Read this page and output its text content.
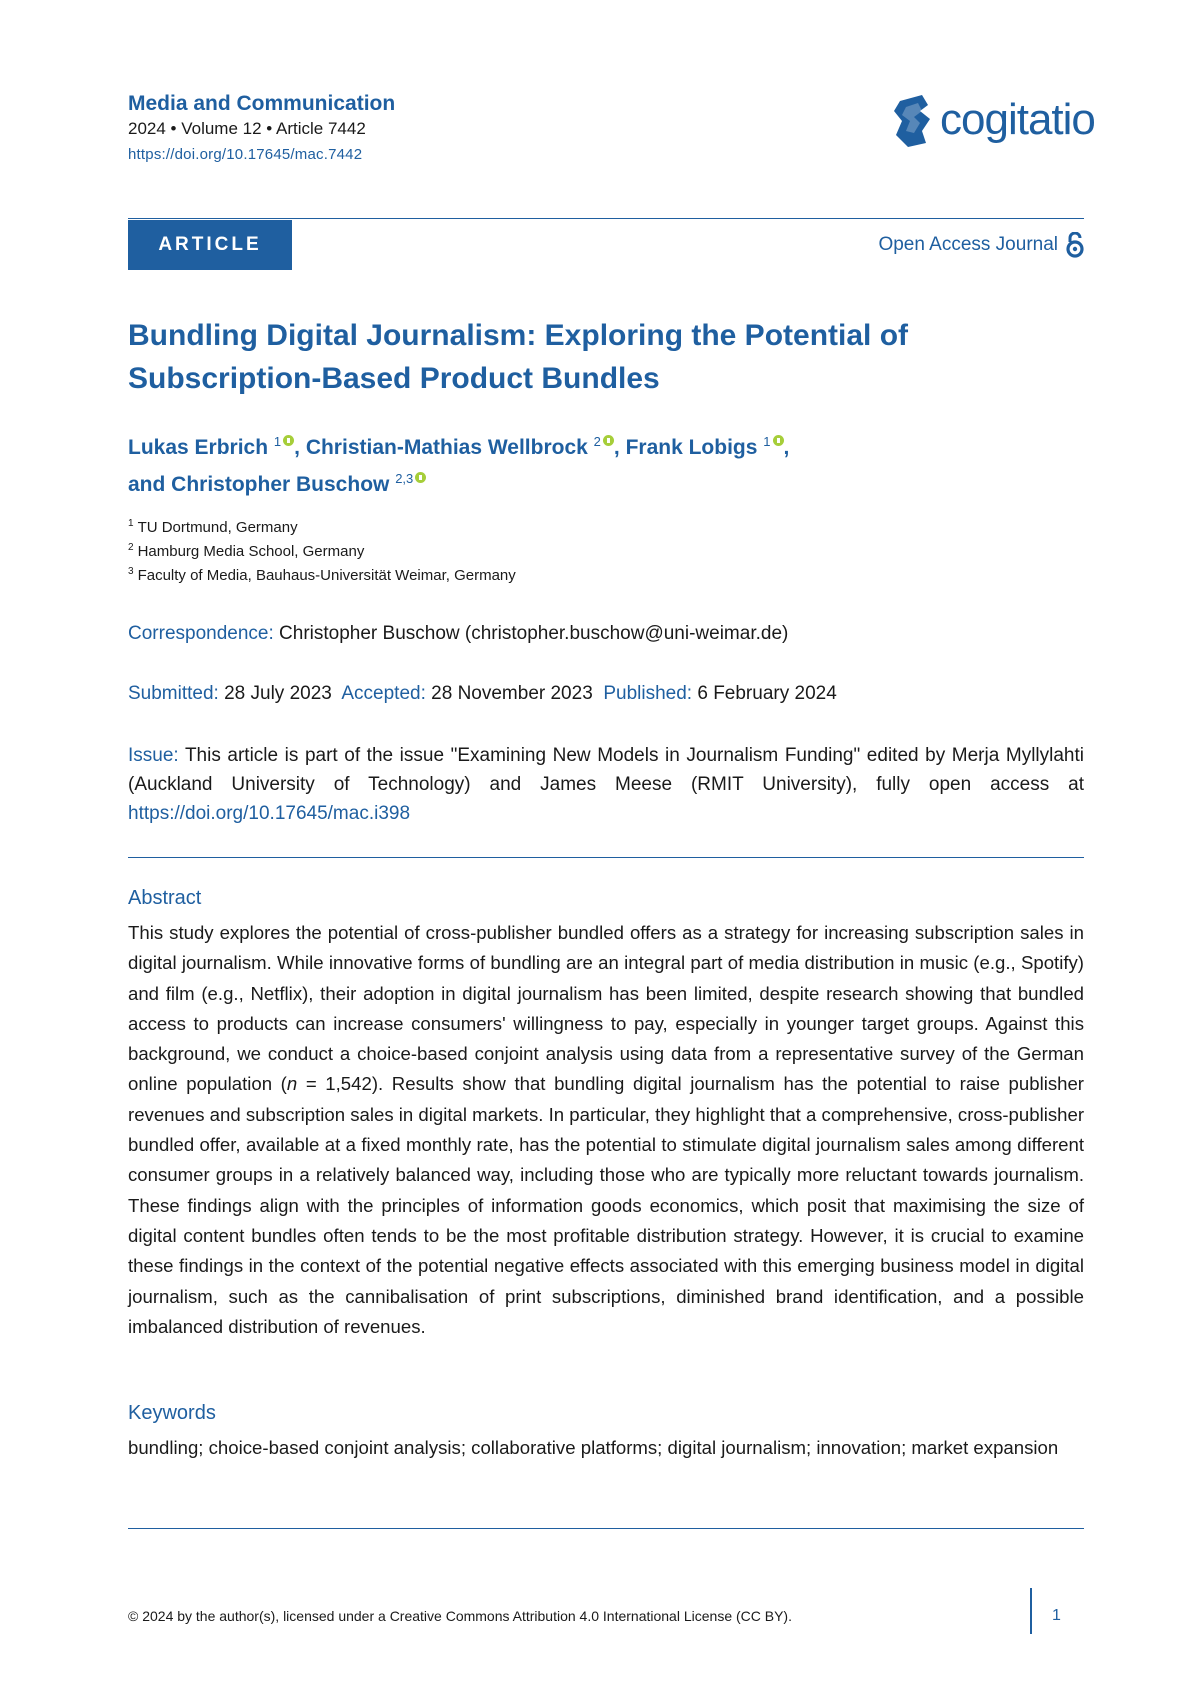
Media and Communication
2024 • Volume 12 • Article 7442
https://doi.org/10.17645/mac.7442
cogitatio
ARTICLE	Open Access Journal
Bundling Digital Journalism: Exploring the Potential of
Subscription-Based Product Bundles
Lukas Erbrich $^1$ , Christian-Mathias Wellbrock $^2$ , Frank Lobigs $^1$ ,
and Christopher Buschow $^{2,3}$
$^1$ TU Dortmund, Germany
$^2$ Hamburg Media School, Germany
$^3$ Faculty of Media, Bauhaus-Universität Weimar, Germany
Correspondence: Christopher Buschow (christopher.buschow@uni-weimar.de)
Submitted: 28 July 2023 Accepted: 28 November 2023 Published: 6 February 2024
Issue: This article is part of the issue "Examining New Models in Journalism Funding" edited by Merja Myllylahti (Auckland University of Technology) and James Meese (RMIT University), fully open access at https://doi.org/10.17645/mac.i398
Abstract
This study explores the potential of cross-publisher bundled offers as a strategy for increasing subscription sales in digital journalism. While innovative forms of bundling are an integral part of media distribution in music (e.g., Spotify) and film (e.g., Netflix), their adoption in digital journalism has been limited, despite research showing that bundled access to products can increase consumers' willingness to pay, especially in younger target groups. Against this background, we conduct a choice-based conjoint analysis using data from a representative survey of the German online population (n = 1,542). Results show that bundling digital journalism has the potential to raise publisher revenues and subscription sales in digital markets. In particular, they highlight that a comprehensive, cross-publisher bundled offer, available at a fixed monthly rate, has the potential to stimulate digital journalism sales among different consumer groups in a relatively balanced way, including those who are typically more reluctant towards journalism. These findings align with the principles of information goods economics, which posit that maximising the size of digital content bundles often tends to be the most profitable distribution strategy. However, it is crucial to examine these findings in the context of the potential negative effects associated with this emerging business model in digital journalism, such as the cannibalisation of print subscriptions, diminished brand identification, and a possible imbalanced distribution of revenues.
Keywords
bundling; choice-based conjoint analysis; collaborative platforms; digital journalism; innovation; market expansion
© 2024 by the author(s), licensed under a Creative Commons Attribution 4.0 International License (CC BY).	1
